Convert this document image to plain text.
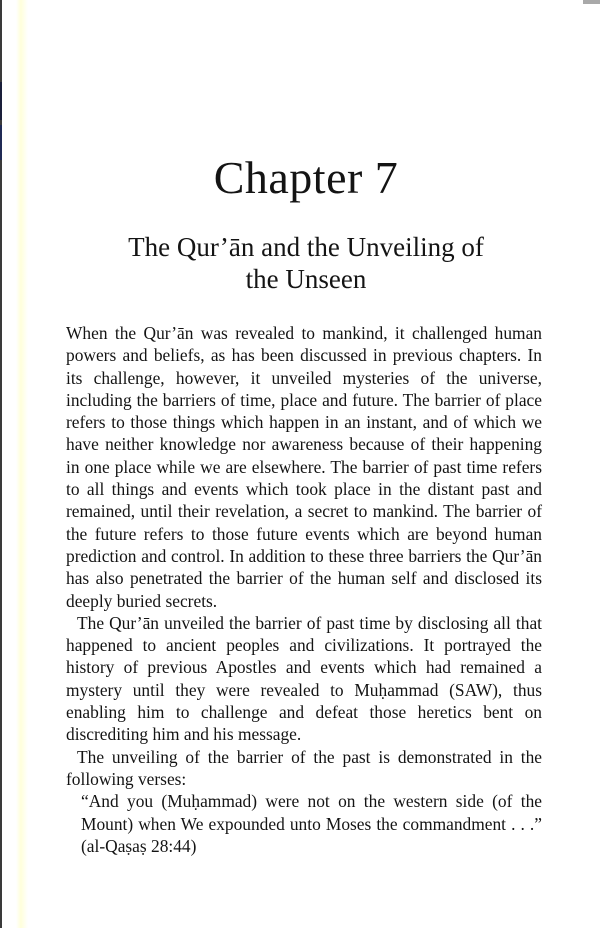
Chapter 7
The Qur’ān and the Unveiling of
the Unseen

When the Qur’ān was revealed to mankind, it challenged human powers and beliefs, as has been discussed in previous chapters. In its challenge, however, it unveiled mysteries of the universe, including the barriers of time, place and future. The barrier of place refers to those things which happen in an instant, and of which we have neither knowledge nor awareness because of their happening in one place while we are elsewhere. The barrier of past time refers to all things and events which took place in the distant past and remained, until their revelation, a secret to mankind. The barrier of the future refers to those future events which are beyond human prediction and control. In addition to these three barriers the Qur’ān has also penetrated the barrier of the human self and disclosed its deeply buried secrets.

The Qur’ān unveiled the barrier of past time by disclosing all that happened to ancient peoples and civilizations. It portrayed the history of previous Apostles and events which had remained a mystery until they were revealed to Muḥammad (SAW), thus enabling him to challenge and defeat those heretics bent on discrediting him and his message.

The unveiling of the barrier of the past is demonstrated in the following verses:

“And you (Muḥammad) were not on the western side (of the Mount) when We expounded unto Moses the commandment . . .” (al-Qaṣaṣ 28:44)
